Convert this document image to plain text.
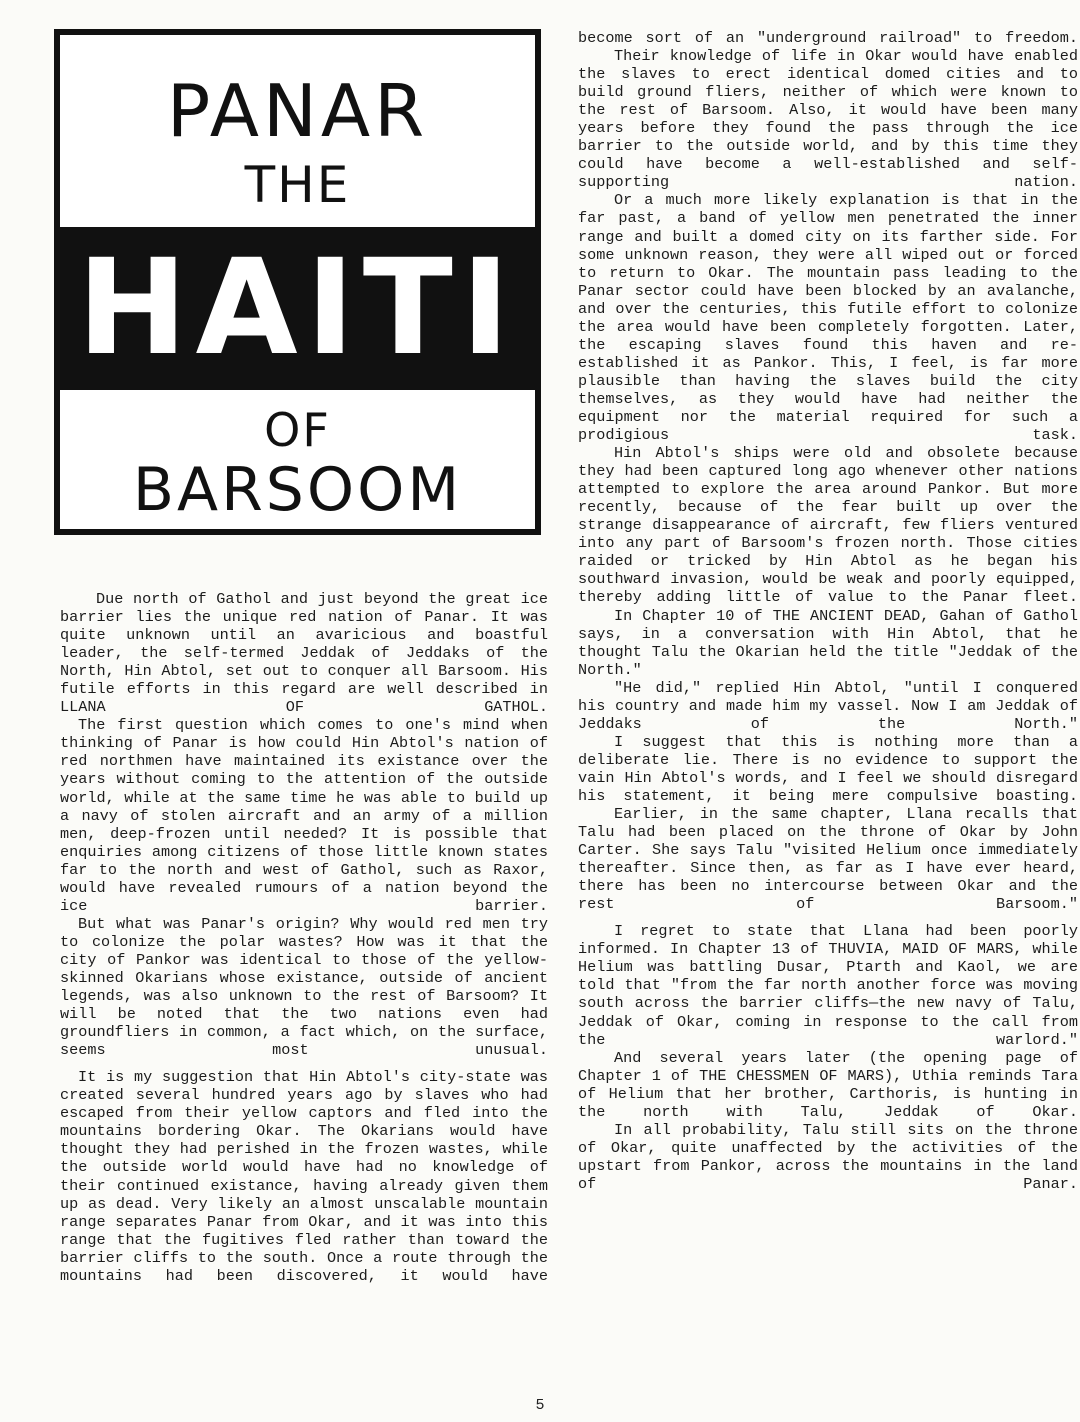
PANAR
THE
HAITI
OF
BARSOOM

Due north of Gathol and just beyond the great ice barrier lies the unique red nation of Panar. It was quite unknown until an avaricious and boastful leader, the self-termed Jeddak of Jeddaks of the North, Hin Abtol, set out to conquer all Barsoom. His futile efforts in this regard are well described in LLANA OF GATHOL.

The first question which comes to one's mind when thinking of Panar is how could Hin Abtol's nation of red northmen have maintained its existance over the years without coming to the attention of the outside world, while at the same time he was able to build up a navy of stolen aircraft and an army of a million men, deep-frozen until needed? It is possible that enquiries among citizens of those little known states far to the north and west of Gathol, such as Raxor, would have revealed rumours of a nation beyond the ice barrier.

But what was Panar's origin? Why would red men try to colonize the polar wastes? How was it that the city of Pankor was identical to those of the yellow-skinned Okarians whose existance, outside of ancient legends, was also unknown to the rest of Barsoom? It will be noted that the two nations even had groundfliers in common, a fact which, on the surface, seems most unusual.

It is my suggestion that Hin Abtol's city-state was created several hundred years ago by slaves who had escaped from their yellow captors and fled into the mountains bordering Okar. The Okarians would have thought they had perished in the frozen wastes, while the outside world would have had no knowledge of their continued existance, having already given them up as dead. Very likely an almost unscalable mountain range separates Panar from Okar, and it was into this range that the fugitives fled rather than toward the barrier cliffs to the south. Once a route through the mountains had been discovered, it would have

become sort of an "underground railroad" to freedom.

Their knowledge of life in Okar would have enabled the slaves to erect identical domed cities and to build ground fliers, neither of which were known to the rest of Barsoom. Also, it would have been many years before they found the pass through the ice barrier to the outside world, and by this time they could have become a well-established and self-supporting nation.

Or a much more likely explanation is that in the far past, a band of yellow men penetrated the inner range and built a domed city on its farther side. For some unknown reason, they were all wiped out or forced to return to Okar. The mountain pass leading to the Panar sector could have been blocked by an avalanche, and over the centuries, this futile effort to colonize the area would have been completely forgotten. Later, the escaping slaves found this haven and re-established it as Pankor. This, I feel, is far more plausible than having the slaves build the city themselves, as they would have had neither the equipment nor the material required for such a prodigious task.

Hin Abtol's ships were old and obsolete because they had been captured long ago whenever other nations attempted to explore the area around Pankor. But more recently, because of the fear built up over the strange disappearance of aircraft, few fliers ventured into any part of Barsoom's frozen north. Those cities raided or tricked by Hin Abtol as he began his southward invasion, would be weak and poorly equipped, thereby adding little of value to the Panar fleet.

In Chapter 10 of THE ANCIENT DEAD, Gahan of Gathol says, in a conversation with Hin Abtol, that he thought Talu the Okarian held the title "Jeddak of the North."

"He did," replied Hin Abtol, "until I conquered his country and made him my vassel. Now I am Jeddak of Jeddaks of the North."

I suggest that this is nothing more than a deliberate lie. There is no evidence to support the vain Hin Abtol's words, and I feel we should disregard his statement, it being mere compulsive boasting.

Earlier, in the same chapter, Llana recalls that Talu had been placed on the throne of Okar by John Carter. She says Talu "visited Helium once immediately thereafter. Since then, as far as I have ever heard, there has been no intercourse between Okar and the rest of Barsoom."

I regret to state that Llana had been poorly informed. In Chapter 13 of THUVIA, MAID OF MARS, while Helium was battling Dusar, Ptarth and Kaol, we are told that "from the far north another force was moving south across the barrier cliffs—the new navy of Talu, Jeddak of Okar, coming in response to the call from the warlord."

And several years later (the opening page of Chapter 1 of THE CHESSMEN OF MARS), Uthia reminds Tara of Helium that her brother, Carthoris, is hunting in the north with Talu, Jeddak of Okar.

In all probability, Talu still sits on the throne of Okar, quite unaffected by the activities of the upstart from Pankor, across the mountains in the land of Panar.

5
